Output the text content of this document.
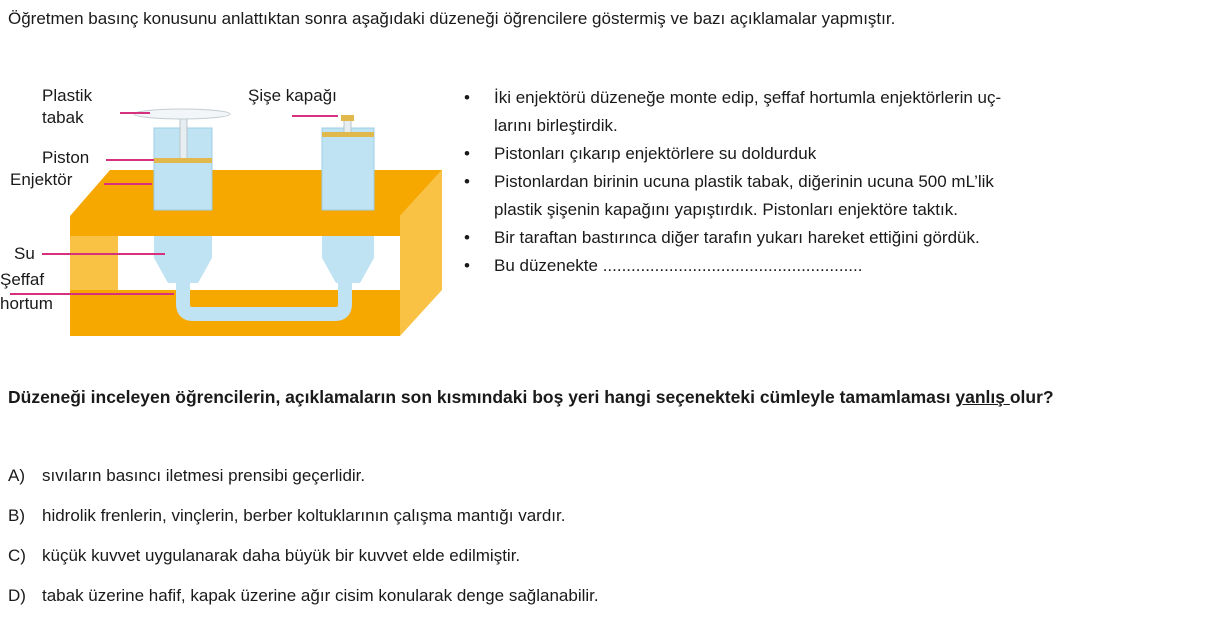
Öğretmen basınç konusunu anlattıktan sonra aşağıdaki düzeneği öğrencilere göstermiş ve bazı açıklamalar yapmıştır.
Plastik
tabak
Şişe kapağı
Piston
Enjektör
Su
Şeffaf
hortum
• İki enjektörü düzeneğe monte edip, şeffaf hortumla enjektörlerin uç-
larını birleştirdik.
• Pistonları çıkarıp enjektörlere su doldurduk
• Pistonlardan birinin ucuna plastik tabak, diğerinin ucuna 500 mL’lik
plastik şişenin kapağını yapıştırdık. Pistonları enjektöre taktık.
• Bir taraftan bastırınca diğer tarafın yukarı hareket ettiğini gördük.
• Bu düzenekte .......................................................
Düzeneği inceleyen öğrencilerin, açıklamaların son kısmındaki boş yeri hangi seçenekteki cümleyle tamamlaması yanlış olur?
A) sıvıların basıncı iletmesi prensibi geçerlidir.
B) hidrolik frenlerin, vinçlerin, berber koltuklarının çalışma mantığı vardır.
C) küçük kuvvet uygulanarak daha büyük bir kuvvet elde edilmiştir.
D) tabak üzerine hafif, kapak üzerine ağır cisim konularak denge sağlanabilir.
